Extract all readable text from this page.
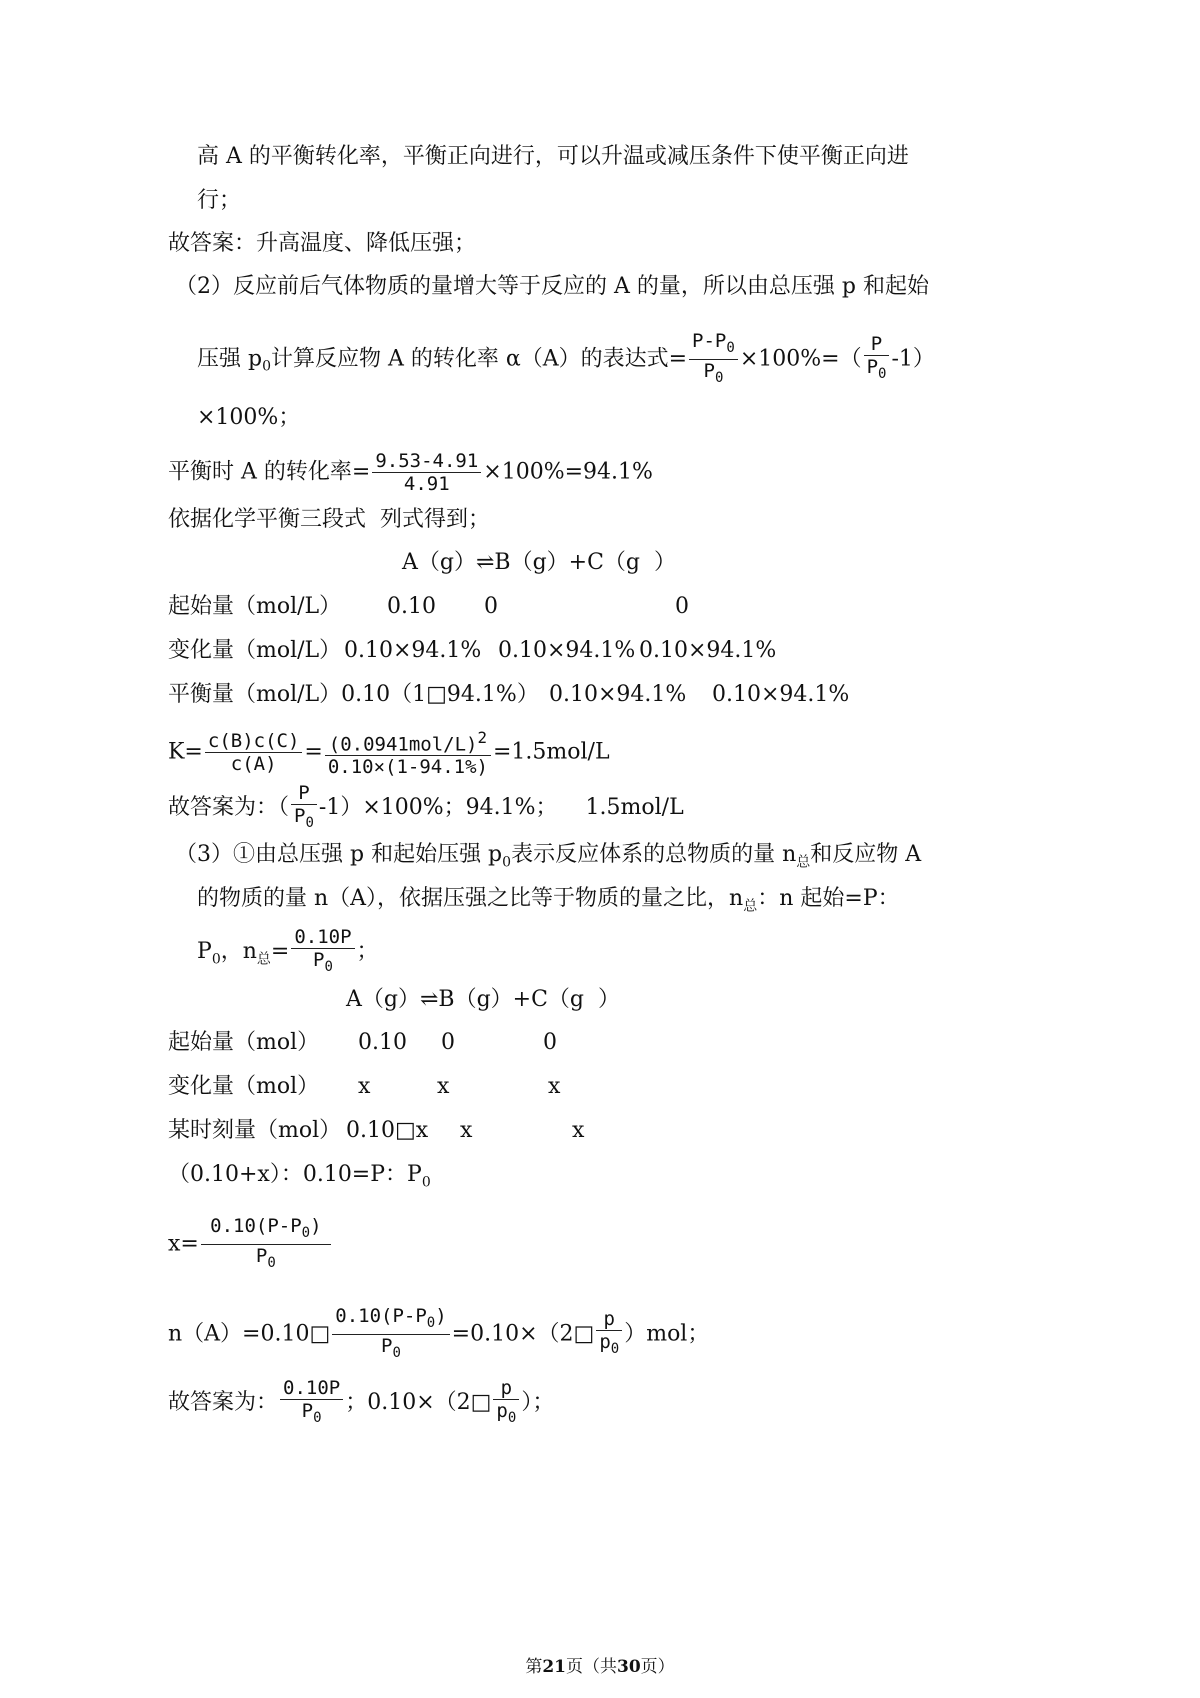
高 A 的平衡转化率，平衡正向进行，可以升温或减压条件下使平衡正向进
行；
故答案：升高温度、降低压强；
（2）反应前后气体物质的量增大等于反应的 A 的量，所以由总压强 p 和起始
压强 $p_0$计算反应物 A 的转化率 α（A）的表达式= $\frac{P-P_0}{P_0} \times 100\%=( \frac{P}{P_0} -1)$
×100%；
平衡时 A 的转化率= $\frac{9.53-4.91}{4.91} \times 100\%=94.1\%$
依据化学平衡三段式  列式得到；
A（g）⇌B（g）+C（g  ）
起始量（mol/L） 0.10 0	0
变化量（mol/L） 0.10×94.1% 0.10×94.1% 0.10×94.1%
平衡量（mol/L）0.10（1□94.1%） 0.10×94.1% 0.10×94.1%
$K= \frac{c(B)c(C)}{c(A)} = \frac{(0.0941mol/L)^2}{0.10\times(1-94.1\%)} =1.5mol/L$
故答案为：（ $\frac{P}{P_0} -1)\times 100\%$；94.1%；    1.5mol/L
（3）①由总压强 p 和起始压强 $p_0$表示反应体系的总物质的量 $n_总$和反应物 A
的物质的量 n（A），依据压强之比等于物质的量之比，$n_总$：n 起始=P：
$P_0$，$n_总= \frac{0.10P}{P_0}$ ；
A（g）⇌B（g）+C（g  ）
起始量（mol） 0.10 0	0
变化量（mol） x	x	x
某时刻量（mol） 0.10□x x	x
（0.10+x）：0.10=P：$P_0$
$x= \frac{0.10(P-P_0)}{P_0}$
n（A）=0.10□ $\frac{0.10(P-P_0)}{P_0}$ =0.10×（2□ $\frac{p}{p_0} )mol$；
故答案为： $\frac{0.10P}{P_0}$ ；0.10×（2□ $\frac{p}{p_0}$ ）；
第21页（共30页）
